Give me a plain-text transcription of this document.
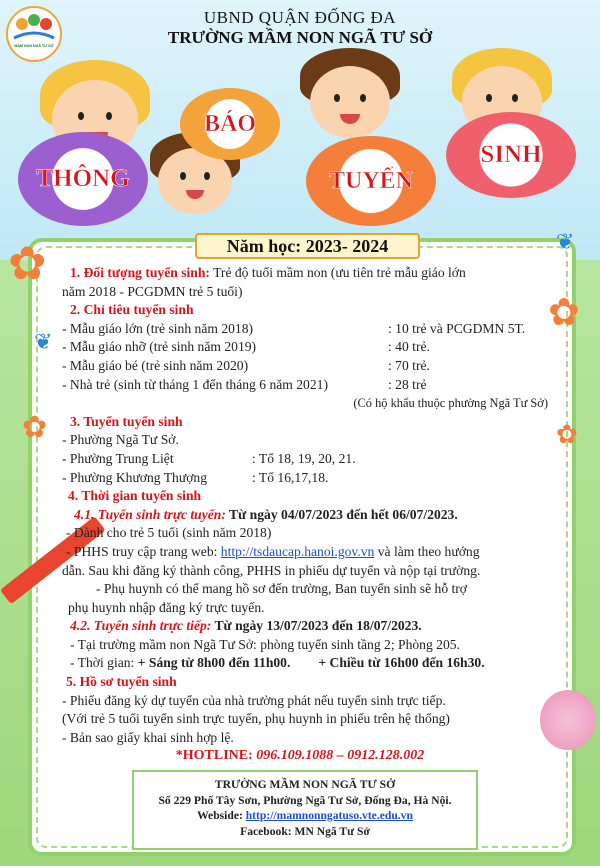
MẦM NON NGÃ TƯ SỞ
UBND QUẬN ĐỐNG ĐA
TRƯỜNG MẦM NON NGÃ TƯ SỞ
THÔNG
BÁO
TUYỂN
SINH
✿
✿
✿
✿
❦
❦
Năm học: 2023- 2024
1. Đối tượng tuyển sinh: Trẻ độ tuổi mầm non (ưu tiên trẻ mẫu giáo lớn
năm 2018 - PCGDMN trẻ 5 tuổi)
2. Chỉ tiêu tuyển sinh
- Mẫu giáo lớn (trẻ sinh năm 2018)	: 10 trẻ và PCGDMN 5T.
- Mẫu giáo nhỡ (trẻ sinh năm 2019)	: 40 trẻ.
- Mẫu giáo bé (trẻ sinh năm 2020)	: 70 trẻ.
- Nhà trẻ (sinh từ tháng 1 đến tháng 6 năm 2021)	: 28 trẻ
(Có hộ khẩu thuộc phường Ngã Tư Sở)
3. Tuyển tuyển sinh
- Phường Ngã Tư Sở.
- Phường Trung Liệt	: Tổ 18, 19, 20, 21.
- Phường Khương Thượng	: Tổ 16,17,18.
4. Thời gian tuyển sinh
4.1. Tuyển sinh trực tuyến: Từ ngày 04/07/2023 đến hết 06/07/2023.
- Dành cho trẻ 5 tuổi (sinh năm 2018)
- PHHS truy cập trang web: http://tsdaucap.hanoi.gov.vn và làm theo hướng
dẫn. Sau khi đăng ký thành công, PHHS in phiếu dự tuyển và nộp tại trường.
- Phụ huynh có thể mang hồ sơ đến trường, Ban tuyển sinh sẽ hỗ trợ
phụ huynh nhập đăng ký trực tuyến.
4.2. Tuyển sinh trực tiếp: Từ ngày 13/07/2023 đến 18/07/2023.
- Tại trường mầm non Ngã Tư Sở: phòng tuyển sinh tầng 2; Phòng 205.
- Thời gian: + Sáng từ 8h00 đến 11h00. + Chiều từ 16h00 đến 16h30.
5. Hồ sơ tuyển sinh
- Phiếu đăng ký dự tuyển của nhà trường phát nếu tuyển sinh trực tiếp.
(Với trẻ 5 tuổi tuyển sinh trực tuyến, phụ huynh in phiếu trên hệ thống)
- Bản sao giấy khai sinh hợp lệ.
*HOTLINE: 096.109.1088 – 0912.128.002
TRƯỜNG MẦM NON NGÃ TƯ SỞ
Số 229 Phố Tây Sơn, Phường Ngã Tư Sở, Đống Đa, Hà Nội.
Webside: http://mamnonngatuso.vte.edu.vn
Facebook: MN Ngã Tư Sở
